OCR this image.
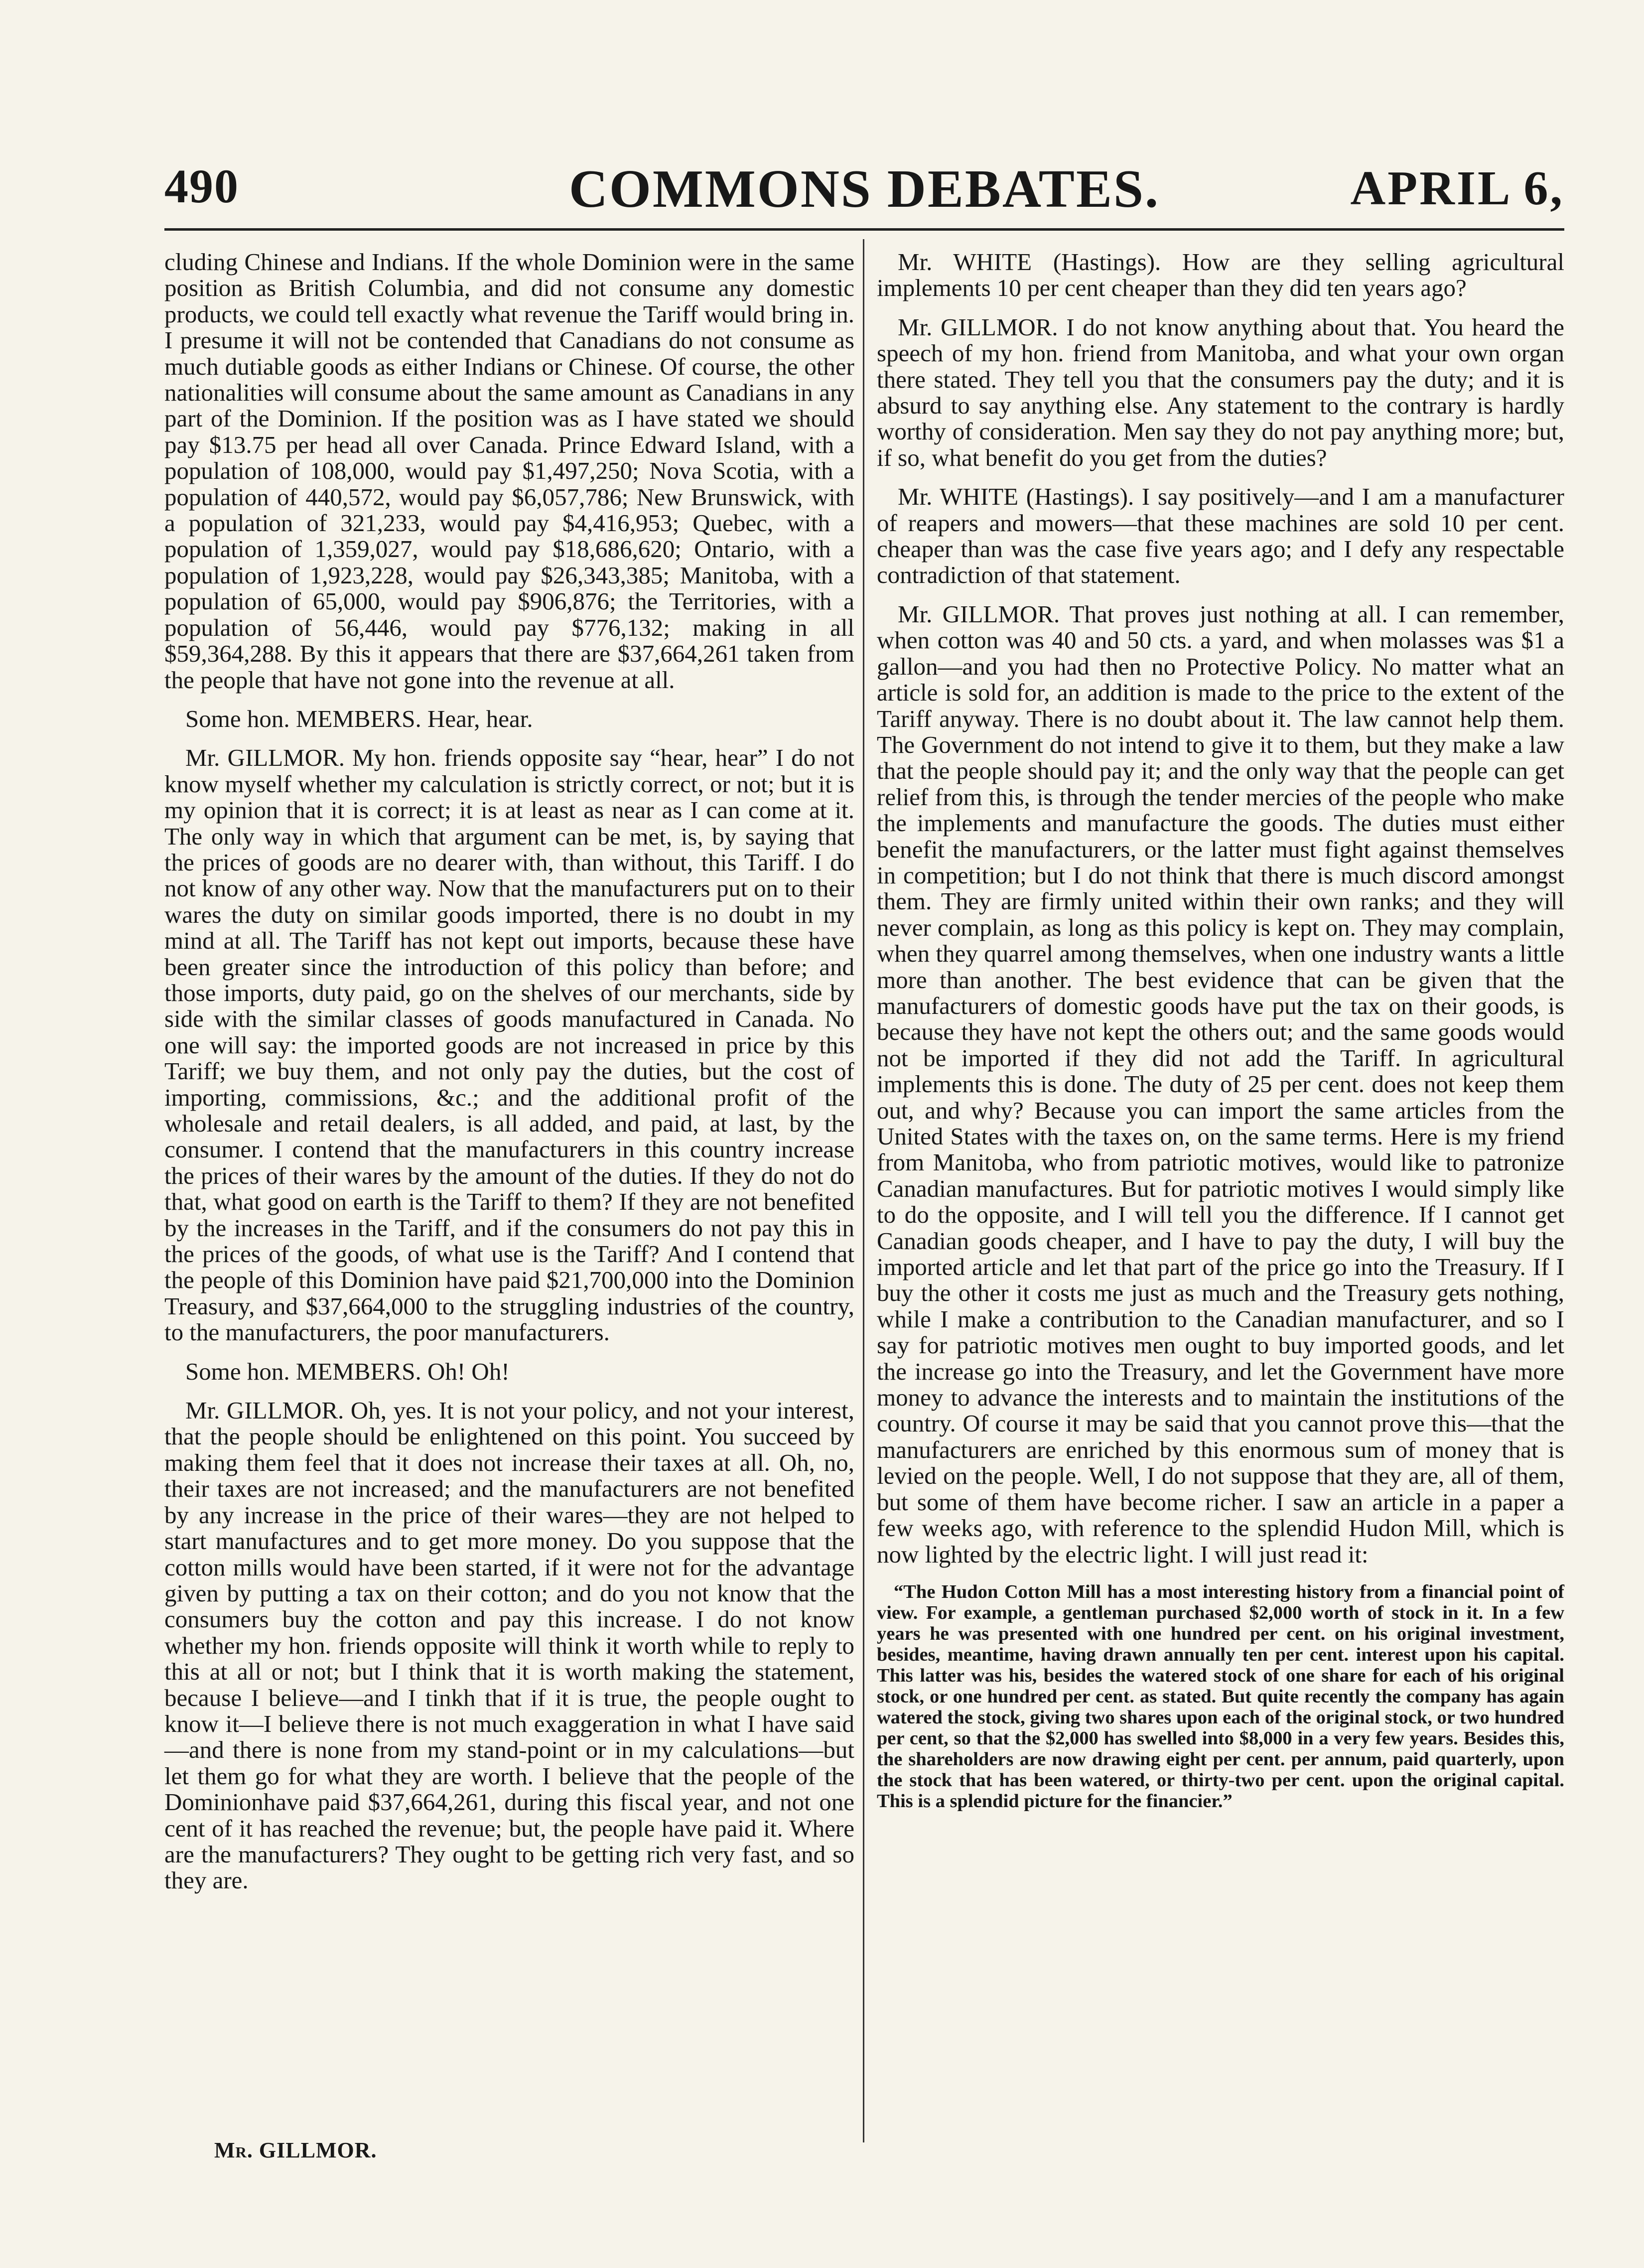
490	COMMONS DEBATES.	APRIL 6,

cluding Chinese and Indians. If the whole Dominion were in the same position as British Columbia, and did not consume any domestic products, we could tell exactly what revenue the Tariff would bring in. I presume it will not be contended that Canadians do not consume as much dutiable goods as either Indians or Chinese. Of course, the other nationalities will consume about the same amount as Canadians in any part of the Dominion. If the position was as I have stated we should pay $13.75 per head all over Canada. Prince Edward Island, with a population of 108,000, would pay $1,497,250; Nova Scotia, with a population of 440,572, would pay $6,057,786; New Brunswick, with a population of 321,233, would pay $4,416,953; Quebec, with a population of 1,359,027, would pay $18,686,620; Ontario, with a population of 1,923,228, would pay $26,343,385; Manitoba, with a population of 65,000, would pay $906,876; the Territories, with a population of 56,446, would pay $776,132; making in all $59,364,288. By this it appears that there are $37,664,261 taken from the people that have not gone into the revenue at all.

Some hon. MEMBERS. Hear, hear.

Mr. GILLMOR. My hon. friends opposite say “hear, hear” I do not know myself whether my calculation is strictly correct, or not; but it is my opinion that it is correct; it is at least as near as I can come at it. The only way in which that argument can be met, is, by saying that the prices of goods are no dearer with, than without, this Tariff. I do not know of any other way. Now that the manufacturers put on to their wares the duty on similar goods imported, there is no doubt in my mind at all. The Tariff has not kept out imports, because these have been greater since the introduction of this policy than before; and those imports, duty paid, go on the shelves of our merchants, side by side with the similar classes of goods manufactured in Canada. No one will say: the imported goods are not increased in price by this Tariff; we buy them, and not only pay the duties, but the cost of importing, commissions, &c.; and the additional profit of the wholesale and retail dealers, is all added, and paid, at last, by the consumer. I contend that the manufacturers in this country increase the prices of their wares by the amount of the duties. If they do not do that, what good on earth is the Tariff to them? If they are not benefited by the increases in the Tariff, and if the consumers do not pay this in the prices of the goods, of what use is the Tariff? And I contend that the people of this Dominion have paid $21,700,000 into the Dominion Treasury, and $37,664,000 to the struggling industries of the country, to the manufacturers, the poor manufacturers.

Some hon. MEMBERS. Oh! Oh!

Mr. GILLMOR. Oh, yes. It is not your policy, and not your interest, that the people should be enlightened on this point. You succeed by making them feel that it does not increase their taxes at all. Oh, no, their taxes are not increased; and the manufacturers are not benefited by any increase in the price of their wares—they are not helped to start manufactures and to get more money. Do you suppose that the cotton mills would have been started, if it were not for the advantage given by putting a tax on their cotton; and do you not know that the consumers buy the cotton and pay this increase. I do not know whether my hon. friends opposite will think it worth while to reply to this at all or not; but I think that it is worth making the statement, because I believe—and I tinkh that if it is true, the people ought to know it—I believe there is not much exaggeration in what I have said—and there is none from my stand-point or in my calculations—but let them go for what they are worth. I believe that the people of the Dominionhave paid $37,664,261, during this fiscal year, and not one cent of it has reached the revenue; but, the people have paid it. Where are the manufacturers? They ought to be getting rich very fast, and so they are.

Mr. WHITE (Hastings). How are they selling agricultural implements 10 per cent cheaper than they did ten years ago?

Mr. GILLMOR. I do not know anything about that. You heard the speech of my hon. friend from Manitoba, and what your own organ there stated. They tell you that the consumers pay the duty; and it is absurd to say anything else. Any statement to the contrary is hardly worthy of consideration. Men say they do not pay anything more; but, if so, what benefit do you get from the duties?

Mr. WHITE (Hastings). I say positively—and I am a manufacturer of reapers and mowers—that these machines are sold 10 per cent. cheaper than was the case five years ago; and I defy any respectable contradiction of that statement.

Mr. GILLMOR. That proves just nothing at all. I can remember, when cotton was 40 and 50 cts. a yard, and when molasses was $1 a gallon—and you had then no Protective Policy. No matter what an article is sold for, an addition is made to the price to the extent of the Tariff anyway. There is no doubt about it. The law cannot help them. The Government do not intend to give it to them, but they make a law that the people should pay it; and the only way that the people can get relief from this, is through the tender mercies of the people who make the implements and manufacture the goods. The duties must either benefit the manufacturers, or the latter must fight against themselves in competition; but I do not think that there is much discord amongst them. They are firmly united within their own ranks; and they will never complain, as long as this policy is kept on. They may complain, when they quarrel among themselves, when one industry wants a little more than another. The best evidence that can be given that the manufacturers of domestic goods have put the tax on their goods, is because they have not kept the others out; and the same goods would not be imported if they did not add the Tariff. In agricultural implements this is done. The duty of 25 per cent. does not keep them out, and why? Because you can import the same articles from the United States with the taxes on, on the same terms. Here is my friend from Manitoba, who from patriotic motives, would like to patronize Canadian manufactures. But for patriotic motives I would simply like to do the opposite, and I will tell you the difference. If I cannot get Canadian goods cheaper, and I have to pay the duty, I will buy the imported article and let that part of the price go into the Treasury. If I buy the other it costs me just as much and the Treasury gets nothing, while I make a contribution to the Canadian manufacturer, and so I say for patriotic motives men ought to buy imported goods, and let the increase go into the Treasury, and let the Government have more money to advance the interests and to maintain the institutions of the country. Of course it may be said that you cannot prove this—that the manufacturers are enriched by this enormous sum of money that is levied on the people. Well, I do not suppose that they are, all of them, but some of them have become richer. I saw an article in a paper a few weeks ago, with reference to the splendid Hudon Mill, which is now lighted by the electric light. I will just read it:

“The Hudon Cotton Mill has a most interesting history from a financial point of view. For example, a gentleman purchased $2,000 worth of stock in it. In a few years he was presented with one hundred per cent. on his original investment, besides, meantime, having drawn annually ten per cent. interest upon his capital. This latter was his, besides the watered stock of one share for each of his original stock, or one hundred per cent. as stated. But quite recently the company has again watered the stock, giving two shares upon each of the original stock, or two hundred per cent, so that the $2,000 has swelled into $8,000 in a very few years. Besides this, the shareholders are now drawing eight per cent. per annum, paid quarterly, upon the stock that has been watered, or thirty-two per cent. upon the original capital. This is a splendid picture for the financier.”
Mr. GILLMOR.
